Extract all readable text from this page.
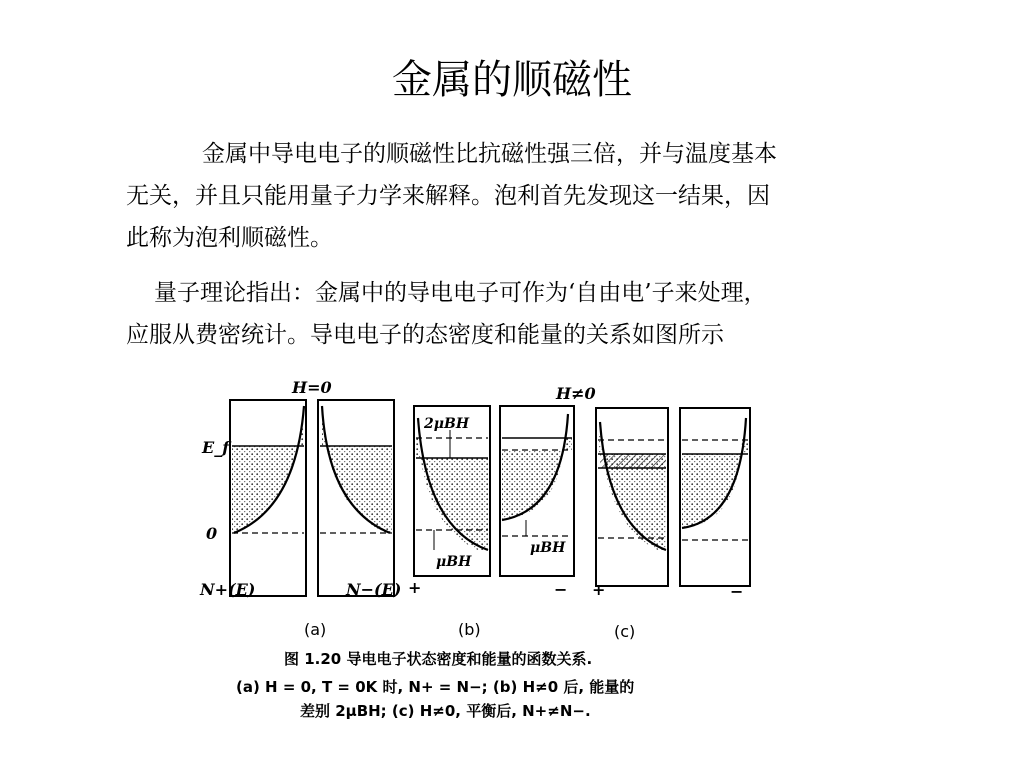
金属的顺磁性

金属中导电电子的顺磁性比抗磁性强三倍，并与温度基本
无关，并且只能用量子力学来解释。泡利首先发现这一结果，因
此称为泡利顺磁性。

量子理论指出：金属中的导电电子可作为‘自由电’子来处理，
应服从费密统计。导电电子的态密度和能量的关系如图所示

H=0	H≠0
E_f
0
N+(E)	N−(E) +	− +	−
2μBH
μBH
μBH
(a)	(b)	(c)
图 1.20 导电电子状态密度和能量的函数关系.
(a) H = 0, T = 0K 时, N+ = N−; (b) H≠0 后, 能量的
差别 2μBH; (c) H≠0, 平衡后, N+≠N−.
